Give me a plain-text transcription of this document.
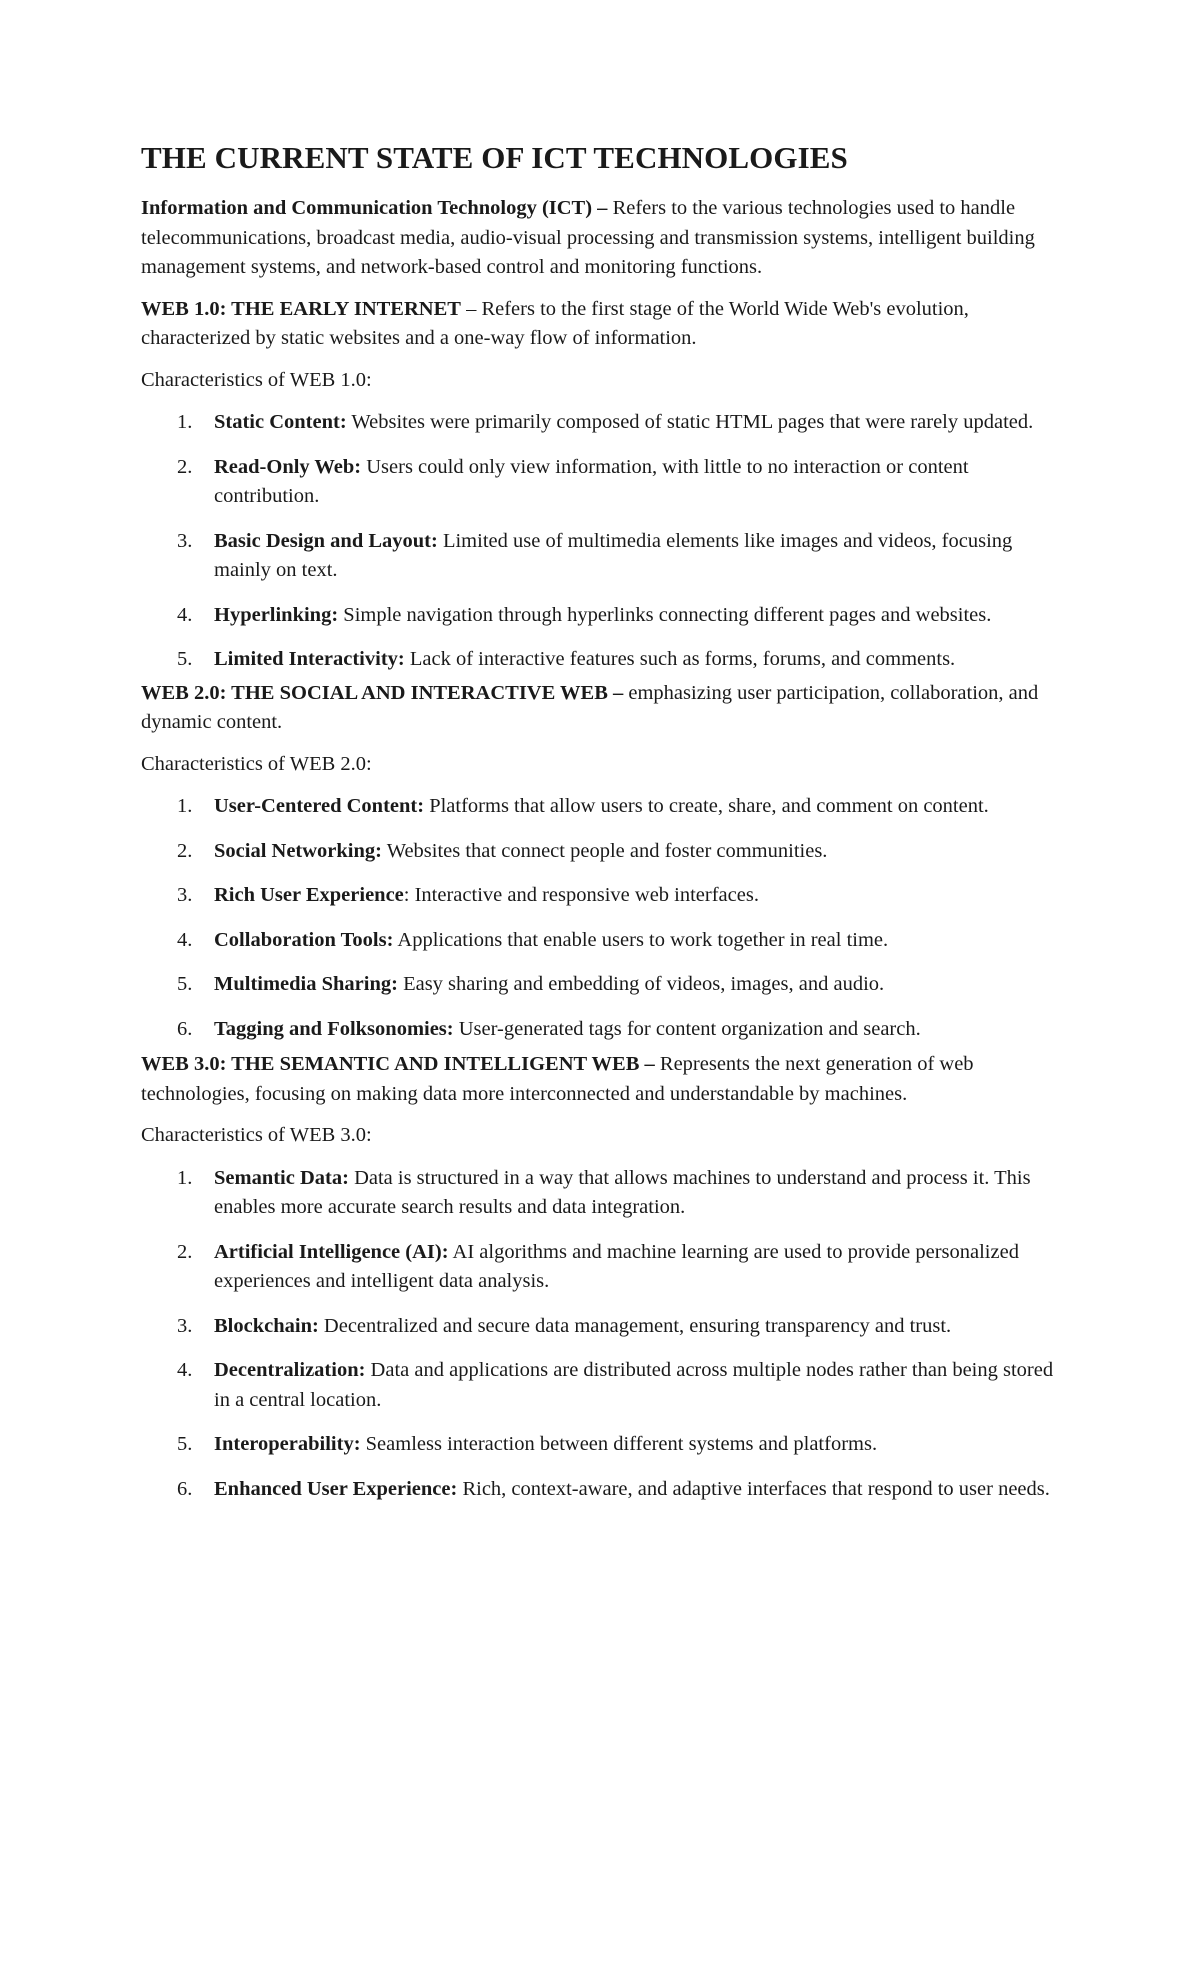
THE CURRENT STATE OF ICT TECHNOLOGIES

Information and Communication Technology (ICT) – Refers to the various technologies used to handle telecommunications, broadcast media, audio-visual processing and transmission systems, intelligent building management systems, and network-based control and monitoring functions.

WEB 1.0: THE EARLY INTERNET – Refers to the first stage of the World Wide Web's evolution, characterized by static websites and a one-way flow of information.

Characteristics of WEB 1.0:

1. Static Content: Websites were primarily composed of static HTML pages that were rarely updated.
2. Read-Only Web: Users could only view information, with little to no interaction or content contribution.
3. Basic Design and Layout: Limited use of multimedia elements like images and videos, focusing mainly on text.
4. Hyperlinking: Simple navigation through hyperlinks connecting different pages and websites.
5. Limited Interactivity: Lack of interactive features such as forms, forums, and comments.

WEB 2.0: THE SOCIAL AND INTERACTIVE WEB – emphasizing user participation, collaboration, and dynamic content.

Characteristics of WEB 2.0:

1. User-Centered Content: Platforms that allow users to create, share, and comment on content.
2. Social Networking: Websites that connect people and foster communities.
3. Rich User Experience: Interactive and responsive web interfaces.
4. Collaboration Tools: Applications that enable users to work together in real time.
5. Multimedia Sharing: Easy sharing and embedding of videos, images, and audio.
6. Tagging and Folksonomies: User-generated tags for content organization and search.

WEB 3.0: THE SEMANTIC AND INTELLIGENT WEB – Represents the next generation of web technologies, focusing on making data more interconnected and understandable by machines.

Characteristics of WEB 3.0:

1. Semantic Data: Data is structured in a way that allows machines to understand and process it. This enables more accurate search results and data integration.
2. Artificial Intelligence (AI): AI algorithms and machine learning are used to provide personalized experiences and intelligent data analysis.
3. Blockchain: Decentralized and secure data management, ensuring transparency and trust.
4. Decentralization: Data and applications are distributed across multiple nodes rather than being stored in a central location.
5. Interoperability: Seamless interaction between different systems and platforms.
6. Enhanced User Experience: Rich, context-aware, and adaptive interfaces that respond to user needs.
